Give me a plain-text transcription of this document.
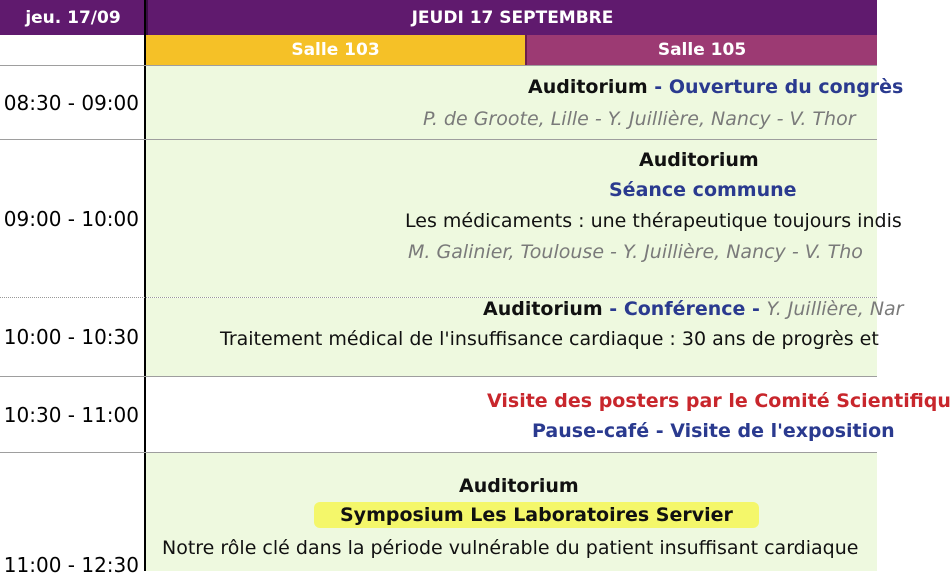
jeu. 17/09	JEUDI 17 SEPTEMBRE
Salle 103	Salle 105
08:30 - 09:00
Auditorium - Ouverture du congrès
P. de Groote, Lille - Y. Juillière, Nancy - V. Thor
09:00 - 10:00
Auditorium
Séance commune
Les médicaments : une thérapeutique toujours indis
M. Galinier, Toulouse - Y. Juillière, Nancy - V. Tho
10:00 - 10:30
Auditorium - Conférence - Y. Juillière, Nar
Traitement médical de l'insuffisance cardiaque : 30 ans de progrès et
10:30 - 11:00
Visite des posters par le Comité Scientifiqu
Pause-café - Visite de l'exposition
11:00 - 12:30
Auditorium
Symposium Les Laboratoires Servier
Notre rôle clé dans la période vulnérable du patient insuffisant cardiaque
